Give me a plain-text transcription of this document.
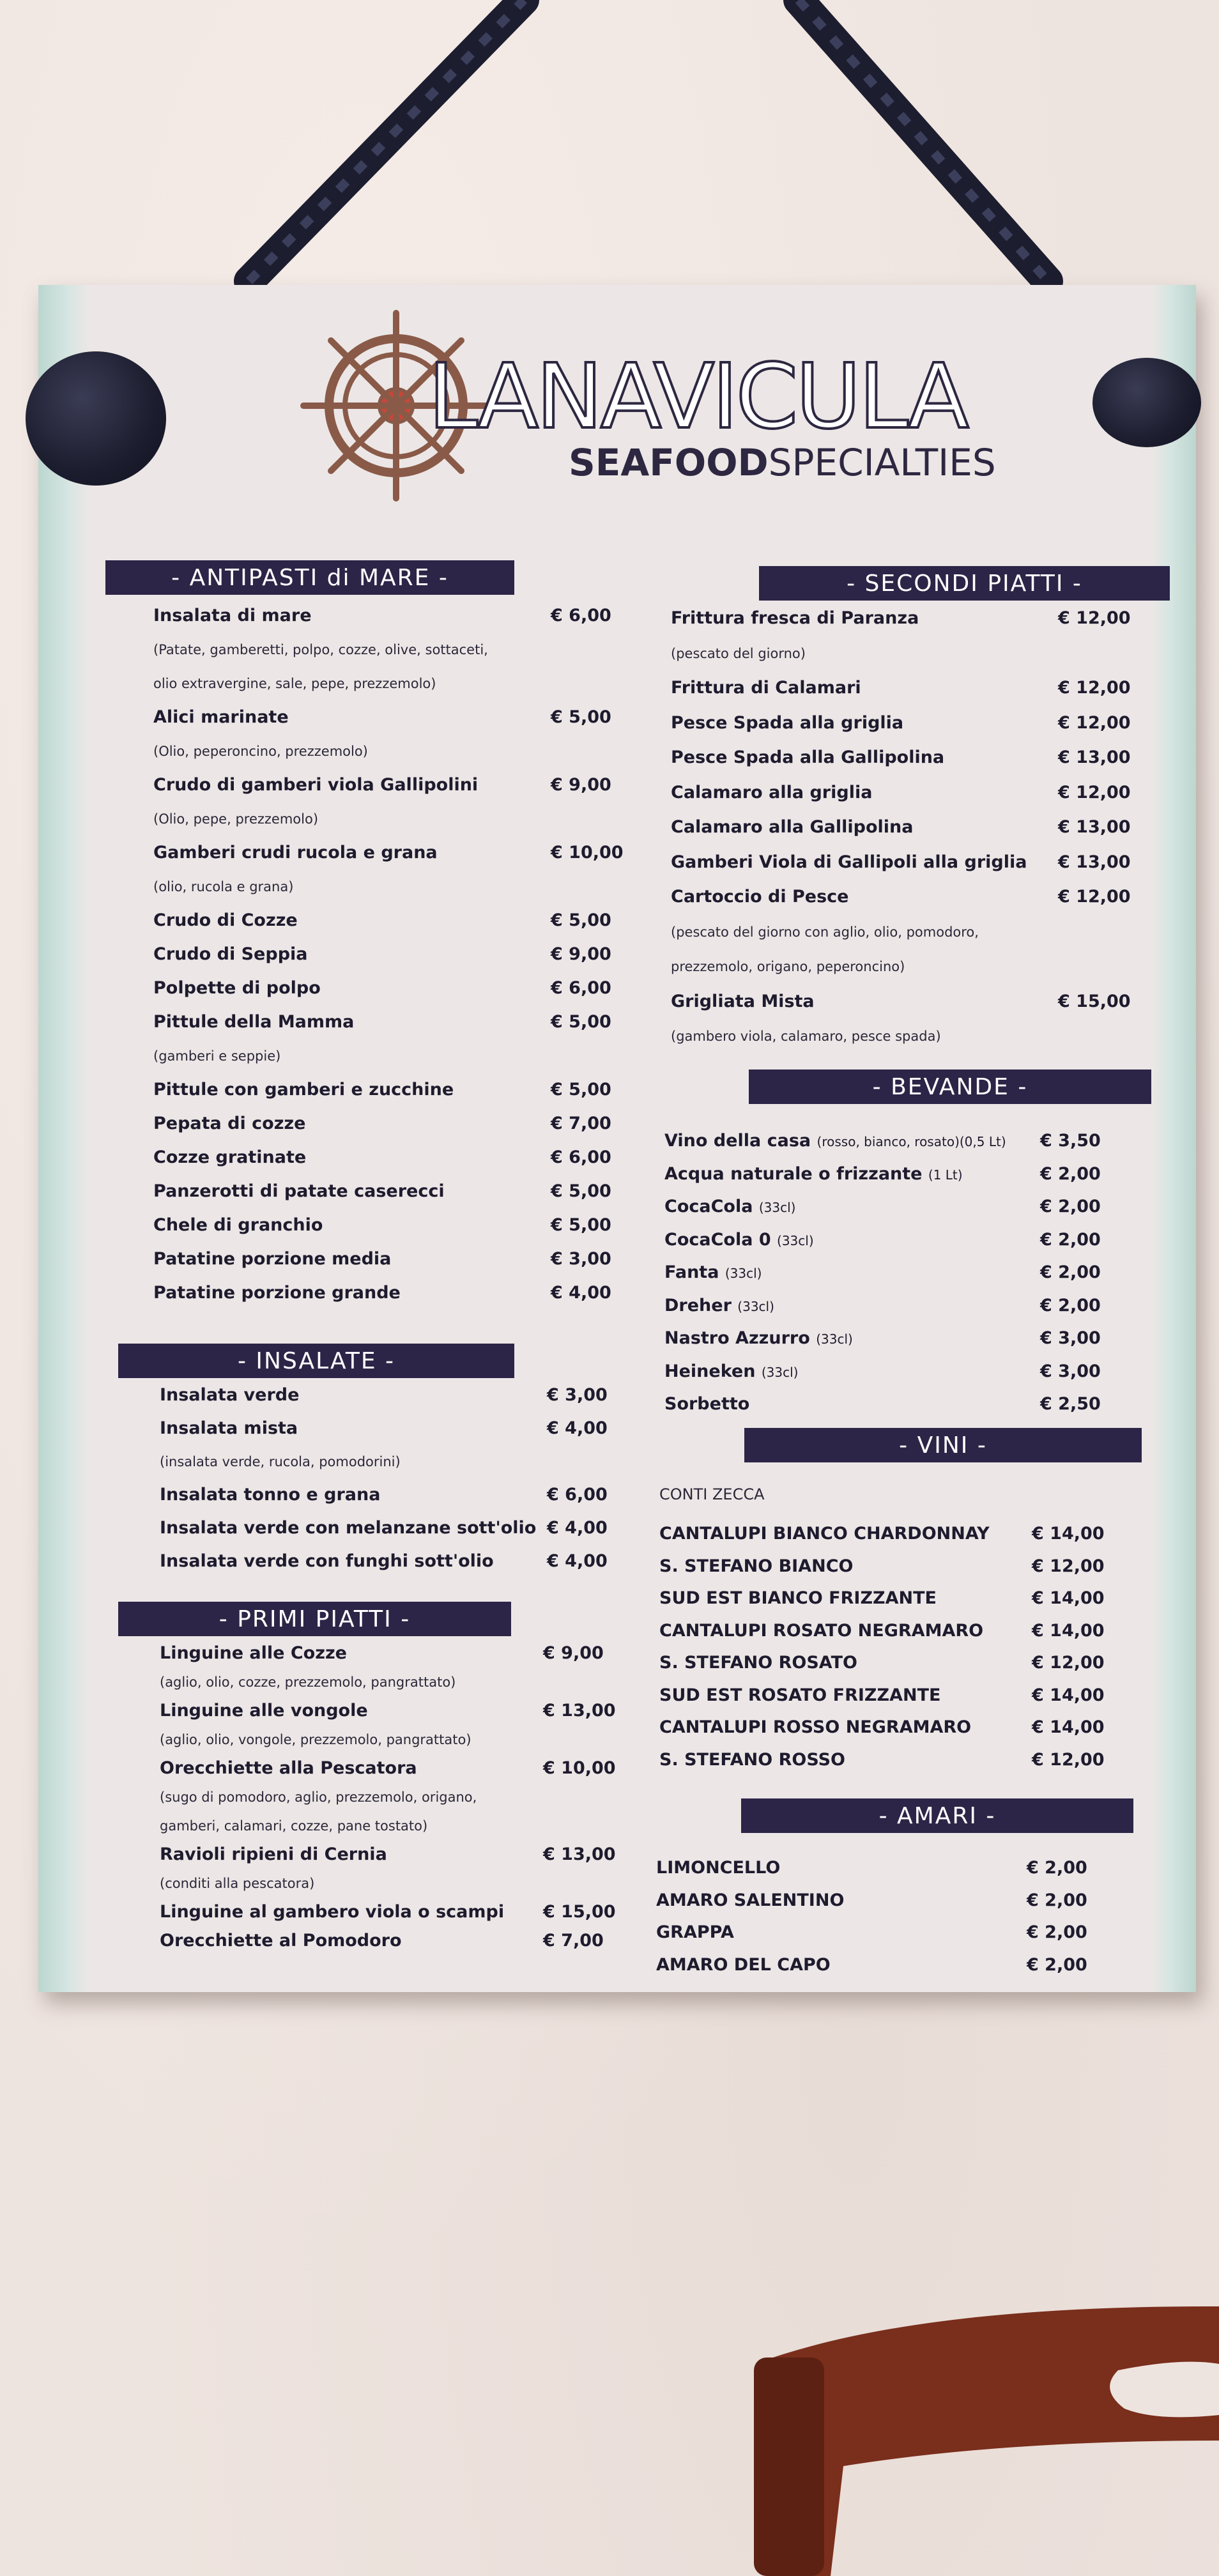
LANAVICULA
SEAFOODSPECIALTIES
- ANTIPASTI di MARE -
Insalata di mare	€ 6,00
(Patate, gamberetti, polpo, cozze, olive, sottaceti,
olio extravergine, sale, pepe, prezzemolo)
Alici marinate	€ 5,00
(Olio, peperoncino, prezzemolo)
Crudo di gamberi viola Gallipolini	€ 9,00
(Olio, pepe, prezzemolo)
Gamberi crudi rucola e grana	€ 10,00
(olio, rucola e grana)
Crudo di Cozze	€ 5,00
Crudo di Seppia	€ 9,00
Polpette di polpo	€ 6,00
Pittule della Mamma	€ 5,00
(gamberi e seppie)
Pittule con gamberi e zucchine	€ 5,00
Pepata di cozze	€ 7,00
Cozze gratinate	€ 6,00
Panzerotti di patate caserecci	€ 5,00
Chele di granchio	€ 5,00
Patatine porzione media	€ 3,00
Patatine porzione grande	€ 4,00
- INSALATE -
Insalata verde	€ 3,00
Insalata mista	€ 4,00
(insalata verde, rucola, pomodorini)
Insalata tonno e grana	€ 6,00
Insalata verde con melanzane sott'olio € 4,00
Insalata verde con funghi sott'olio	€ 4,00
- PRIMI PIATTI -
Linguine alle Cozze	€ 9,00
(aglio, olio, cozze, prezzemolo, pangrattato)
Linguine alle vongole	€ 13,00
(aglio, olio, vongole, prezzemolo, pangrattato)
Orecchiette alla Pescatora	€ 10,00
(sugo di pomodoro, aglio, prezzemolo, origano,
gamberi, calamari, cozze, pane tostato)
Ravioli ripieni di Cernia	€ 13,00
(conditi alla pescatora)
Linguine al gambero viola o scampi € 15,00
Orecchiette al Pomodoro	€ 7,00
- SECONDI PIATTI -
Frittura fresca di Paranza	€ 12,00
(pescato del giorno)
Frittura di Calamari	€ 12,00
Pesce Spada alla griglia	€ 12,00
Pesce Spada alla Gallipolina	€ 13,00
Calamaro alla griglia	€ 12,00
Calamaro alla Gallipolina	€ 13,00
Gamberi Viola di Gallipoli alla griglia € 13,00
Cartoccio di Pesce	€ 12,00
(pescato del giorno con aglio, olio, pomodoro,
prezzemolo, origano, peperoncino)
Grigliata Mista	€ 15,00
(gambero viola, calamaro, pesce spada)
- BEVANDE -
Vino della casa (rosso, bianco, rosato)(0,5 Lt) € 3,50
Acqua naturale o frizzante (1 Lt)	€ 2,00
CocaCola (33cl)	€ 2,00
CocaCola 0 (33cl)	€ 2,00
Fanta (33cl)	€ 2,00
Dreher (33cl)	€ 2,00
Nastro Azzurro (33cl)	€ 3,00
Heineken (33cl)	€ 3,00
Sorbetto	€ 2,50
- VINI -
CONTI ZECCA
CANTALUPI BIANCO CHARDONNAY € 14,00
S. STEFANO BIANCO	€ 12,00
SUD EST BIANCO FRIZZANTE	€ 14,00
CANTALUPI ROSATO NEGRAMARO	€ 14,00
S. STEFANO ROSATO	€ 12,00
SUD EST ROSATO FRIZZANTE	€ 14,00
CANTALUPI ROSSO NEGRAMARO	€ 14,00
S. STEFANO ROSSO	€ 12,00
- AMARI -
LIMONCELLO	€ 2,00
AMARO SALENTINO	€ 2,00
GRAPPA	€ 2,00
AMARO DEL CAPO	€ 2,00
